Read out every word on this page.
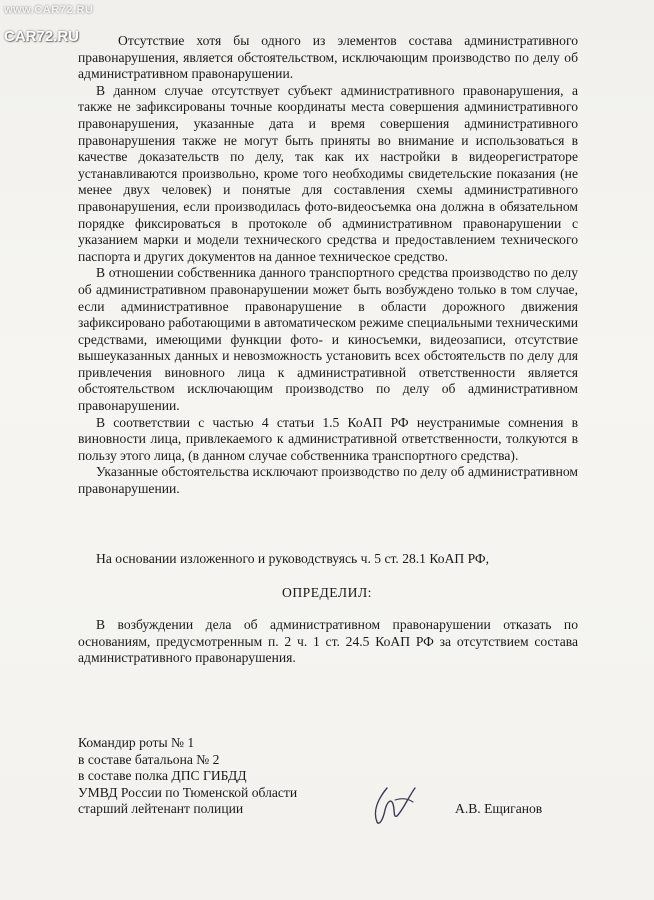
www.CAR72.RU
CAR72.RU	Отсутствие хотя бы одного из элементов состава административного правонарушения, является обстоятельством, исключающим производство по делу об административном правонарушении.

В данном случае отсутствует субъект административного правонарушения, а также не зафиксированы точные координаты места совершения административного правонарушения, указанные дата и время совершения административного правонарушения также не могут быть приняты во внимание и использоваться в качестве доказательств по делу, так как их настройки в видеорегистраторе устанавливаются произвольно, кроме того необходимы свидетельские показания (не менее двух человек) и понятые для составления схемы административного правонарушения, если производилась фото-видеосъемка она должна в обязательном порядке фиксироваться в протоколе об административном правонарушении с указанием марки и модели технического средства и предоставлением технического паспорта и других документов на данное техническое средство.

В отношении собственника данного транспортного средства производство по делу об административном правонарушении может быть возбуждено только в том случае, если административное правонарушение в области дорожного движения зафиксировано работающими в автоматическом режиме специальными техническими средствами, имеющими функции фото- и киносъемки, видеозаписи, отсутствие вышеуказанных данных и невозможность установить всех обстоятельств по делу для привлечения виновного лица к административной ответственности является обстоятельством исключающим производство по делу об административном правонарушении.

В соответствии с частью 4 статьи 1.5 КоАП РФ неустранимые сомнения в виновности лица, привлекаемого к административной ответственности, толкуются в пользу этого лица, (в данном случае собственника транспортного средства).

Указанные обстоятельства исключают производство по делу об административном правонарушении.

На основании изложенного и руководствуясь ч. 5 ст. 28.1 КоАП РФ,
ОПРЕДЕЛИЛ:

В возбуждении дела об административном правонарушении отказать по основаниям, предусмотренным п. 2 ч. 1 ст. 24.5 КоАП РФ за отсутствием состава административного правонарушения.

Командир роты № 1
в составе батальона № 2
в составе полка ДПС ГИБДД
УМВД России по Тюменской области
старший лейтенант полиции	А.В. Ещиганов
